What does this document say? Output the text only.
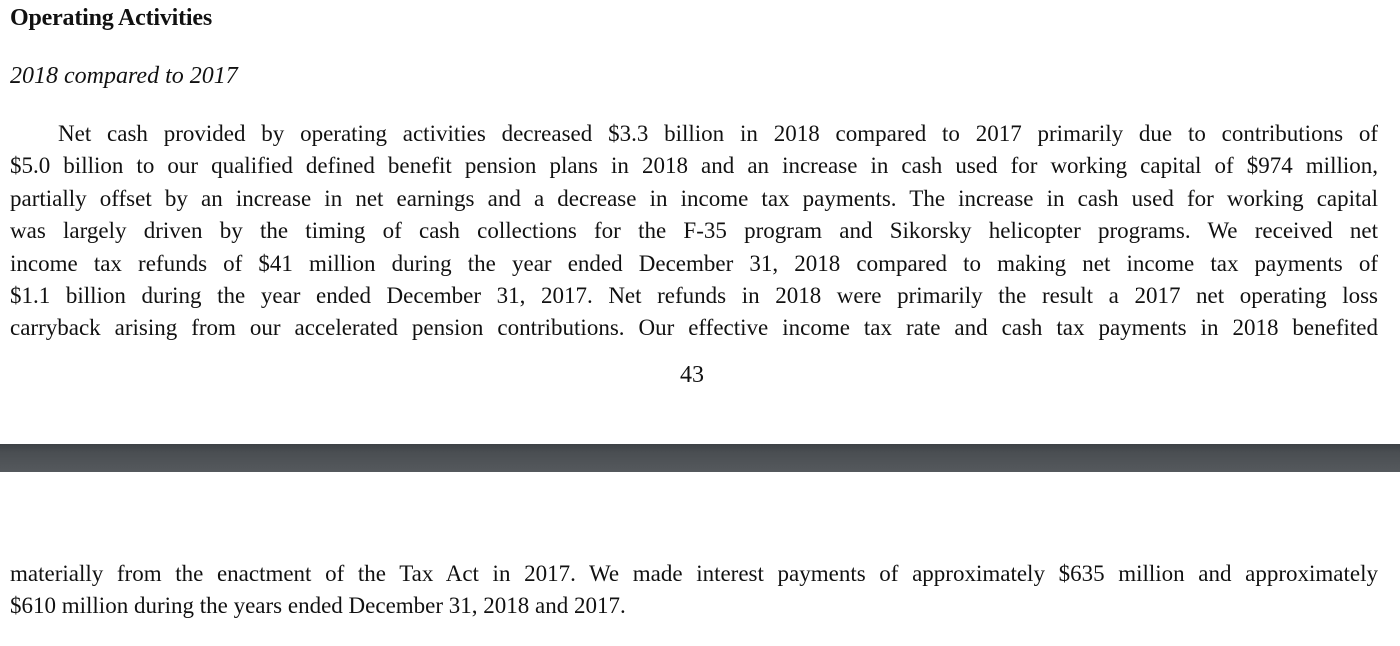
Operating Activities
2018 compared to 2017
Net cash provided by operating activities decreased $3.3 billion in 2018 compared to 2017 primarily due to contributions of
$5.0 billion to our qualified defined benefit pension plans in 2018 and an increase in cash used for working capital of $974 million,
partially offset by an increase in net earnings and a decrease in income tax payments. The increase in cash used for working capital
was largely driven by the timing of cash collections for the F-35 program and Sikorsky helicopter programs. We received net
income tax refunds of $41 million during the year ended December 31, 2018 compared to making net income tax payments of
$1.1 billion during the year ended December 31, 2017. Net refunds in 2018 were primarily the result a 2017 net operating loss
carryback arising from our accelerated pension contributions. Our effective income tax rate and cash tax payments in 2018 benefited
43
materially from the enactment of the Tax Act in 2017. We made interest payments of approximately $635 million and approximately
$610 million during the years ended December 31, 2018 and 2017.
